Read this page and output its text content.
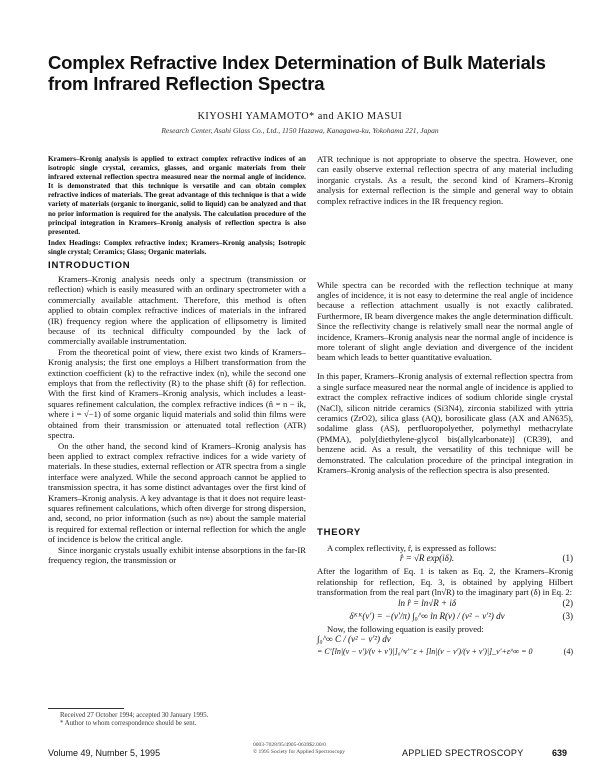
Complex Refractive Index Determination of Bulk Materials from Infrared Reflection Spectra
KIYOSHI YAMAMOTO* and AKIO MASUI
Research Center, Asahi Glass Co., Ltd., 1150 Hazawa, Kanagawa-ku, Yokohama 221, Japan

Kramers–Kronig analysis is applied to extract complex refractive indices of an isotropic single crystal, ceramics, glasses, and organic materials from their infrared external reflection spectra measured near the normal angle of incidence. It is demonstrated that this technique is versatile and can obtain complex refractive indices of materials. The great advantage of this technique is that a wide variety of materials (organic to inorganic, solid to liquid) can be analyzed and that no prior information is required for the analysis. The calculation procedure of the principal integration in Kramers–Kronig analysis of reflection spectra is also presented.

Index Headings: Complex refractive index; Kramers–Kronig analysis; Isotropic single crystal; Ceramics; Glass; Organic materials.

INTRODUCTION

Kramers–Kronig analysis needs only a spectrum (transmission or reflection) which is easily measured with an ordinary spectrometer with a commercially available attachment. Therefore, this method is often applied to obtain complex refractive indices of materials in the infrared (IR) frequency region where the application of ellipsometry is limited because of its technical difficulty compounded by the lack of commercially available instrumentation.

From the theoretical point of view, there exist two kinds of Kramers–Kronig analysis; the first one employs a Hilbert transformation from the extinction coefficient (k) to the refractive index (n), while the second one employs that from the reflectivity (R) to the phase shift (δ) for reflection. With the first kind of Kramers–Kronig analysis, which includes a least-squares refinement calculation, the complex refractive indices (n̂ = n − ik, where i = √−1) of some organic liquid materials and solid thin films were obtained from their transmission or attenuated total reflection (ATR) spectra.

On the other hand, the second kind of Kramers–Kronig analysis has been applied to extract complex refractive indices for a wide variety of materials. In these studies, external reflection or ATR spectra from a single interface were analyzed. While the second approach cannot be applied to transmission spectra, it has some distinct advantages over the first kind of Kramers–Kronig analysis. A key advantage is that it does not require least-squares refinement calculations, which often diverge for strong dispersion, and, second, no prior information (such as n∞) about the sample material is required for external reflection or internal reflection for which the angle of incidence is below the critical angle.

Since inorganic crystals usually exhibit intense absorptions in the far-IR frequency region, the transmission or

ATR technique is not appropriate to observe the spectra. However, one can easily observe external reflection spectra of any material including inorganic crystals. As a result, the second kind of Kramers–Kronig analysis for external reflection is the simple and general way to obtain complex refractive indices in the IR frequency region.

While spectra can be recorded with the reflection technique at many angles of incidence, it is not easy to determine the real angle of incidence because a reflection attachment usually is not exactly calibrated. Furthermore, IR beam divergence makes the angle determination difficult. Since the reflectivity change is relatively small near the normal angle of incidence, Kramers–Kronig analysis near the normal angle of incidence is more tolerant of slight angle deviation and divergence of the incident beam which leads to better quantitative evaluation.

In this paper, Kramers–Kronig analysis of external reflection spectra from a single surface measured near the normal angle of incidence is applied to extract the complex refractive indices of sodium chloride single crystal (NaCl), silicon nitride ceramics (Si3N4), zirconia stabilized with yttria ceramics (ZrO2), silica glass (AQ), borosilicate glass (AX and AN635), sodalime glass (AS), perfluoropolyether, polymethyl methacrylate (PMMA), poly[diethylene-glycol bis(allylcarbonate)] (CR39), and benzene acid. As a result, the versatility of this technique will be demonstrated. The calculation procedure of the principal integration in Kramers–Kronig analysis of the reflection spectra is also presented.

THEORY

A complex reflectivity, r̂, is expressed as follows:

r̂ = √R exp(iδ).	(1)

After the logarithm of Eq. 1 is taken as Eq. 2, the Kramers–Kronig relationship for reflection, Eq. 3, is obtained by applying Hilbert transformation from the real part (ln√R) to the imaginary part (δ) in Eq. 2:

ln r̂ = ln√R + iδ	(2)
δᴷᴷ(ν′) = −(ν′/π) ∫₀^∞ ln R(ν) / (ν² − ν′²) dν	(3)

Now, the following equation is easily proved:

∫₀^∞ C / (ν² − ν′²) dν
= C′[ln|(ν − ν′)/(ν + ν′)|]₀^ν′⁻ε + [ln|(ν − ν′)/(ν + ν′)|]_ν′+ε^∞ = 0	(4)
Received 27 October 1994; accepted 30 January 1995.
* Author to whom correspondence should be sent.
Volume 49, Number 5, 1995
0003-7028/95/4905-0639$2.00/0
© 1995 Society for Applied Spectroscopy	APPLIED SPECTROSCOPY	639
